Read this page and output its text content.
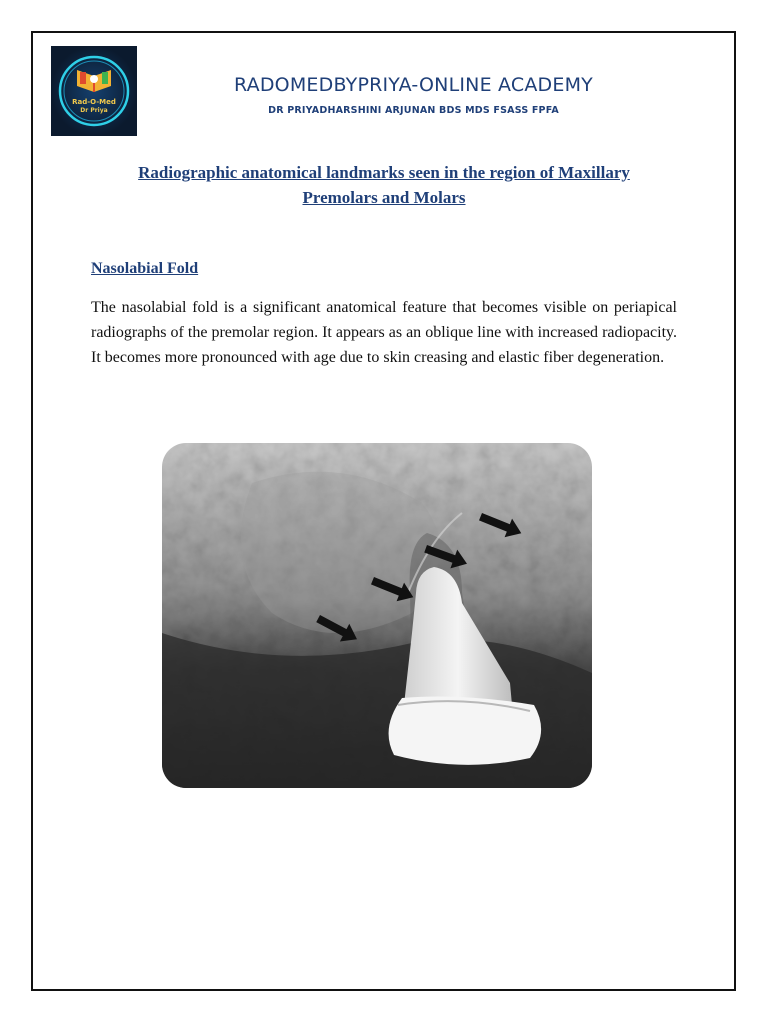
Rad-O-Med
Dr Priya
RADOMEDBYPRIYA-ONLINE ACADEMY
DR PRIYADHARSHINI ARJUNAN BDS MDS FSASS FPFA
Radiographic anatomical landmarks seen in the region of Maxillary
Premolars and Molars
Nasolabial Fold
The nasolabial fold is a significant anatomical feature that becomes visible on periapical radiographs of the premolar region. It appears as an oblique line with increased radiopacity. It becomes more pronounced with age due to skin creasing and elastic fiber degeneration.
